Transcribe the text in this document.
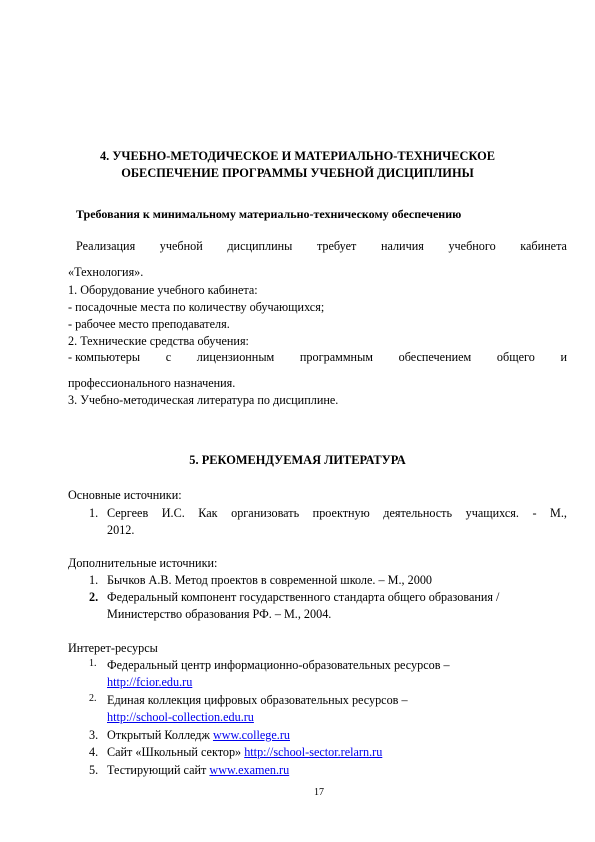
4. УЧЕБНО-МЕТОДИЧЕСКОЕ И МАТЕРИАЛЬНО-ТЕХНИЧЕСКОЕ
ОБЕСПЕЧЕНИЕ ПРОГРАММЫ УЧЕБНОЙ ДИСЦИПЛИНЫ
Требования к минимальному материально-техническому обеспечению
Реализация учебной дисциплины требует наличия учебного кабинета
«Технология».
1. Оборудование учебного кабинета:
- посадочные места по количеству обучающихся;
- рабочее место преподавателя.
2. Технические средства обучения:
- компьютеры с лицензионным программным обеспечением общего и
профессионального назначения.
3. Учебно-методическая литература по дисциплине.
5. РЕКОМЕНДУЕМАЯ ЛИТЕРАТУРА
Основные источники:
1. Сергеев И.С. Как организовать проектную деятельность учащихся. - М.,
2012.
Дополнительные источники:
1. Бычков А.В. Метод проектов в современной школе. – М., 2000
2. Федеральный компонент государственного стандарта общего образования /
Министерство образования РФ. – М., 2004.
Интерет-ресурсы
1. Федеральный центр информационно-образовательных ресурсов –
http://fcior.edu.ru
2. Единая коллекция цифровых образовательных ресурсов –
http://school-collection.edu.ru
3. Открытый Колледж www.college.ru
4. Сайт «Школьный сектор» http://school-sector.relarn.ru
5. Тестирующий сайт www.examen.ru
17
